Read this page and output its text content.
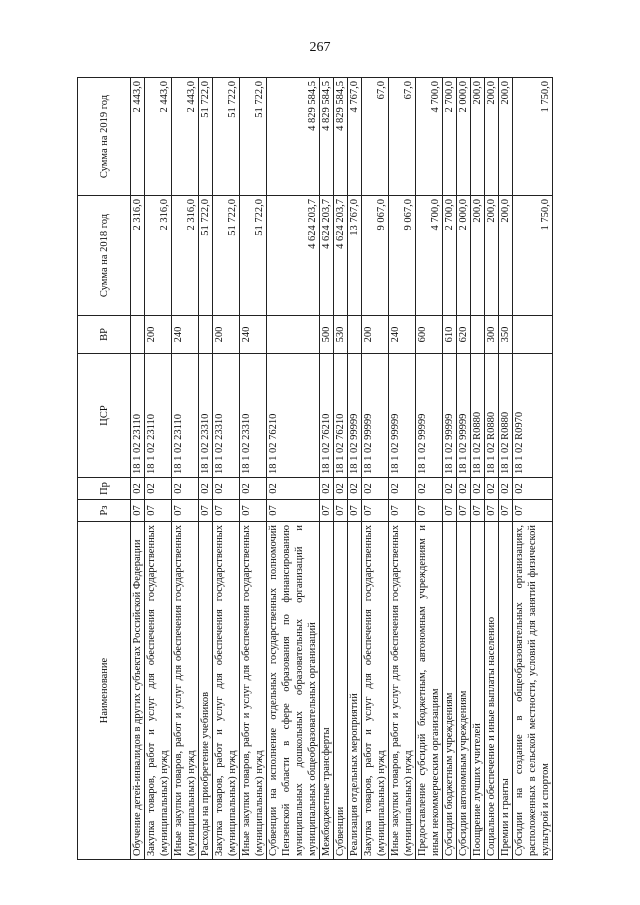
267
Наименование	Рз	Пр	ЦСР	ВР	Сумма на 2018 год	Сумма на 2019 год
Обучение детей-инвалидов в других субъектах Российской Федерации	07	02	18 1 02 23110		2 316,0	2 443,0
Закупка товаров, работ и услуг для обеспечения государственных (муниципальных) нужд	07	02	18 1 02 23110	200	2 316,0	2 443,0
Иные закупки товаров, работ и услуг для обеспечения государственных (муниципальных) нужд	07	02	18 1 02 23110	240	2 316,0	2 443,0
Расходы на приобретение учебников	07	02	18 1 02 23310		51 722,0	51 722,0
Закупка товаров, работ и услуг для обеспечения государственных (муниципальных) нужд	07	02	18 1 02 23310	200	51 722,0	51 722,0
Иные закупки товаров, работ и услуг для обеспечения государственных (муниципальных) нужд	07	02	18 1 02 23310	240	51 722,0	51 722,0
Субвенции на исполнение отдельных государственных полномочий Пензенской области в сфере образования по финансированию муниципальных дошкольных образовательных организаций и муниципальных общеобразовательных организаций	07	02	18 1 02 76210		4 624 203,7	4 829 584,5
Межбюджетные трансферты	07	02	18 1 02 76210	500	4 624 203,7	4 829 584,5
Субвенции	07	02	18 1 02 76210	530	4 624 203,7	4 829 584,5
Реализация отдельных мероприятий	07	02	18 1 02 99999		13 767,0	4 767,0
Закупка товаров, работ и услуг для обеспечения государственных (муниципальных) нужд	07	02	18 1 02 99999	200	9 067,0	67,0
Иные закупки товаров, работ и услуг для обеспечения государственных (муниципальных) нужд	07	02	18 1 02 99999	240	9 067,0	67,0
Предоставление субсидий бюджетным, автономным учреждениям и иным некоммерческим организациям	07	02	18 1 02 99999	600	4 700,0	4 700,0
Субсидии бюджетным учреждениям	07	02	18 1 02 99999	610	2 700,0	2 700,0
Субсидии автономным учреждениям	07	02	18 1 02 99999	620	2 000,0	2 000,0
Поощрение лучших учителей	07	02	18 1 02 R0880		200,0	200,0
Социальное обеспечение и иные выплаты населению	07	02	18 1 02 R0880	300	200,0	200,0
Премии и гранты	07	02	18 1 02 R0880	350	200,0	200,0
Субсидии на создание в общеобразовательных организациях, расположенных в сельской местности, условий для занятий физической культурой и спортом	07	02	18 1 02 R0970		1 750,0	1 750,0
